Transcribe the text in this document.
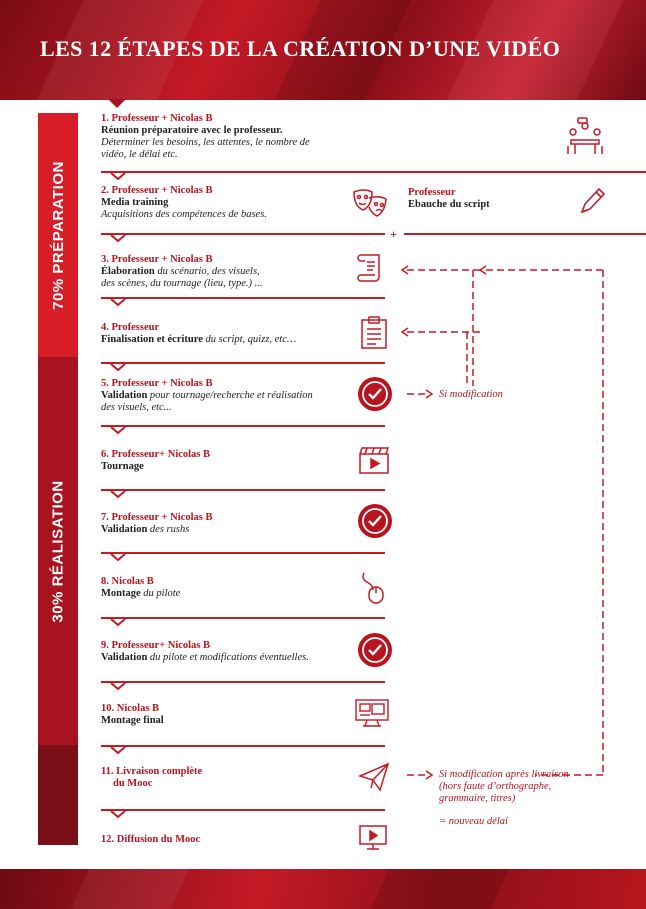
LES 12 ÉTAPES DE LA CRÉATION D’UNE VIDÉO
70% PRÉPARATION
30% RÉALISATION
+
1. Professeur + Nicolas B
Réunion préparatoire avec le professeur.
Déterminer les besoins, les attentes, le nombre de
vidéo, le délai etc.
2. Professeur + Nicolas B
Media training
Acquisitions des compétences de bases.
Professeur
Ebauche du script
3. Professeur + Nicolas B
Élaboration du scénario, des visuels,
des scènes, du tournage (lieu, type.) ...
4. Professeur
Finalisation et écriture du script, quizz, etc…
5. Professeur + Nicolas B
Validation pour tournage/recherche et réalisation
des visuels, etc...
6. Professeur+ Nicolas B
Tournage
7. Professeur + Nicolas B
Validation des rushs
8. Nicolas B
Montage du pilote
9. Professeur+ Nicolas B
Validation du pilote et modifications éventuelles.
10. Nicolas B
Montage final
11. Livraison complète
du Mooc
12. Diffusion du Mooc
Si modification
Si modification après livraison
(hors faute d’orthographe,
grammaire, titres)
= nouveau délai
